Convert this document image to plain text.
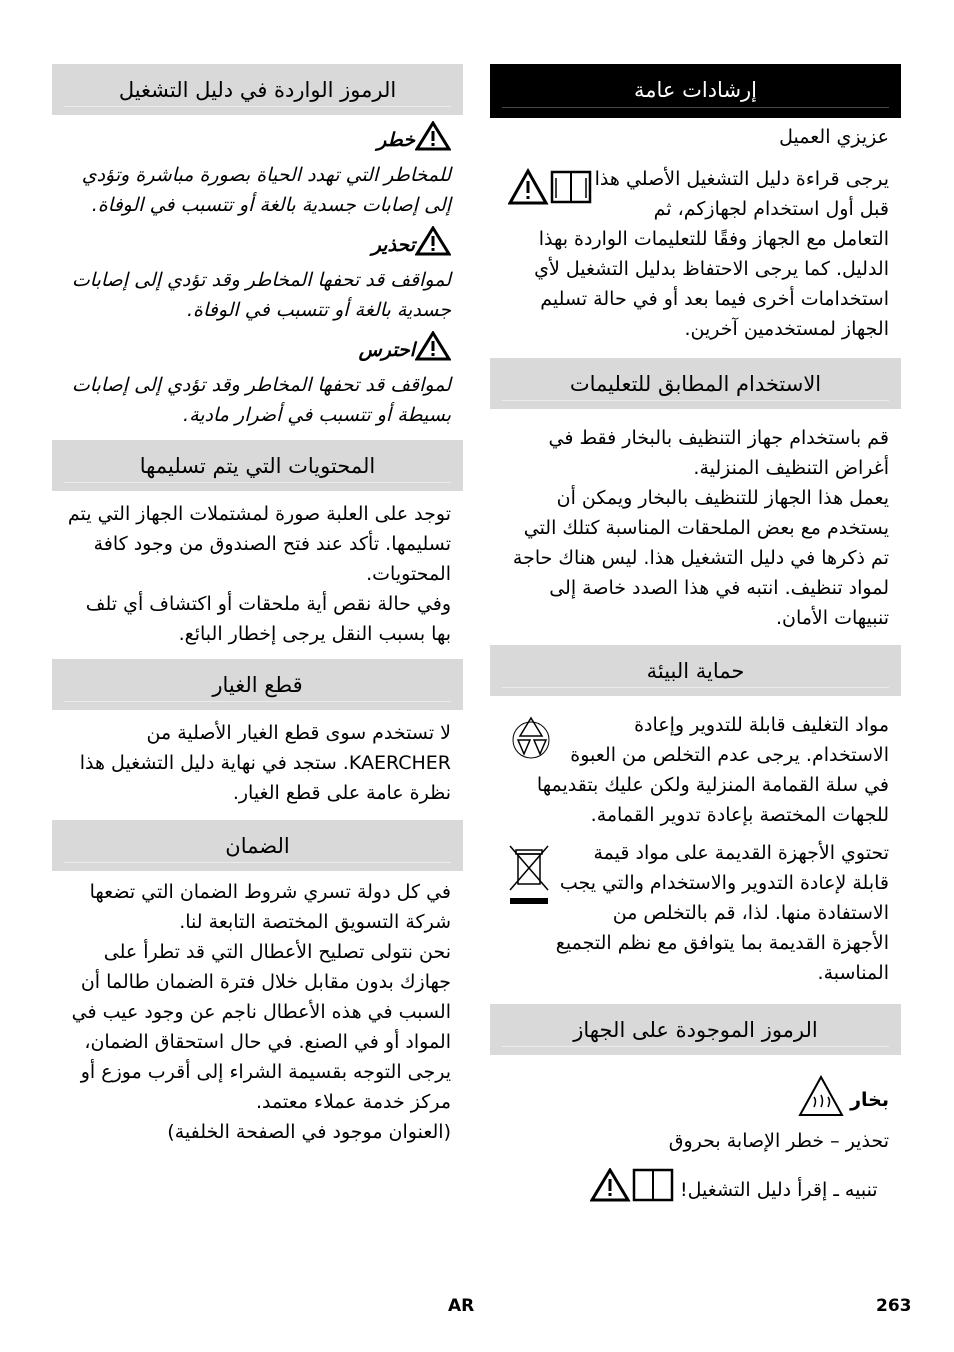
إرشادات عامة
عزيزي العميل
يرجى قراءة دليل التشغيل الأصلي هذا قبل أول استخدام لجهازكم، ثم التعامل مع الجهاز وفقًا للتعليمات الواردة بهذا الدليل. كما يرجى الاحتفاظ بدليل التشغيل لأي استخدامات أخرى فيما بعد أو في حالة تسليم الجهاز لمستخدمين آخرين.
الاستخدام المطابق للتعليمات
قم باستخدام جهاز التنظيف بالبخار فقط في أغراض التنظيف المنزلية.
يعمل هذا الجهاز للتنظيف بالبخار ويمكن أن يستخدم مع بعض الملحقات المناسبة كتلك التي تم ذكرها في دليل التشغيل هذا. ليس هناك حاجة لمواد تنظيف. انتبه في هذا الصدد خاصة إلى تنبيهات الأمان.
حماية البيئة
مواد التغليف قابلة للتدوير وإعادة الاستخدام. يرجى عدم التخلص من العبوة في سلة القمامة المنزلية ولكن عليك بتقديمها للجهات المختصة بإعادة تدوير القمامة.
تحتوي الأجهزة القديمة على مواد قيمة قابلة لإعادة التدوير والاستخدام والتي يجب الاستفادة منها. لذا، قم بالتخلص من الأجهزة القديمة بما يتوافق مع نظم التجميع المناسبة.
الرموز الموجودة على الجهاز
بخار
تحذير – خطر الإصابة بحروق
تنبيه ـ إقرأ دليل التشغيل!
الرموز الواردة في دليل التشغيل
خطر
للمخاطر التي تهدد الحياة بصورة مباشرة وتؤدي إلى إصابات جسدية بالغة أو تتسبب في الوفاة.
تحذير
لمواقف قد تحفها المخاطر وقد تؤدي إلى إصابات جسدية بالغة أو تتسبب في الوفاة.
احترس
لمواقف قد تحفها المخاطر وقد تؤدي إلى إصابات بسيطة أو تتسبب في أضرار مادية.
المحتويات التي يتم تسليمها
توجد على العلبة صورة لمشتملات الجهاز التي يتم تسليمها. تأكد عند فتح الصندوق من وجود كافة المحتويات.
وفي حالة نقص أية ملحقات أو اكتشاف أي تلف بها بسبب النقل يرجى إخطار البائع.
قطع الغيار
لا تستخدم سوى قطع الغيار الأصلية من KAERCHER. ستجد في نهاية دليل التشغيل هذا نظرة عامة على قطع الغيار.
الضمان
في كل دولة تسري شروط الضمان التي تضعها شركة التسويق المختصة التابعة لنا.
نحن نتولى تصليح الأعطال التي قد تطرأ على جهازك بدون مقابل خلال فترة الضمان طالما أن السبب في هذه الأعطال ناجم عن وجود عيب في المواد أو في الصنع. في حال استحقاق الضمان، يرجى التوجه بقسيمة الشراء إلى أقرب موزع أو مركز خدمة عملاء معتمد.
(العنوان موجود في الصفحة الخلفية)
AR	263
